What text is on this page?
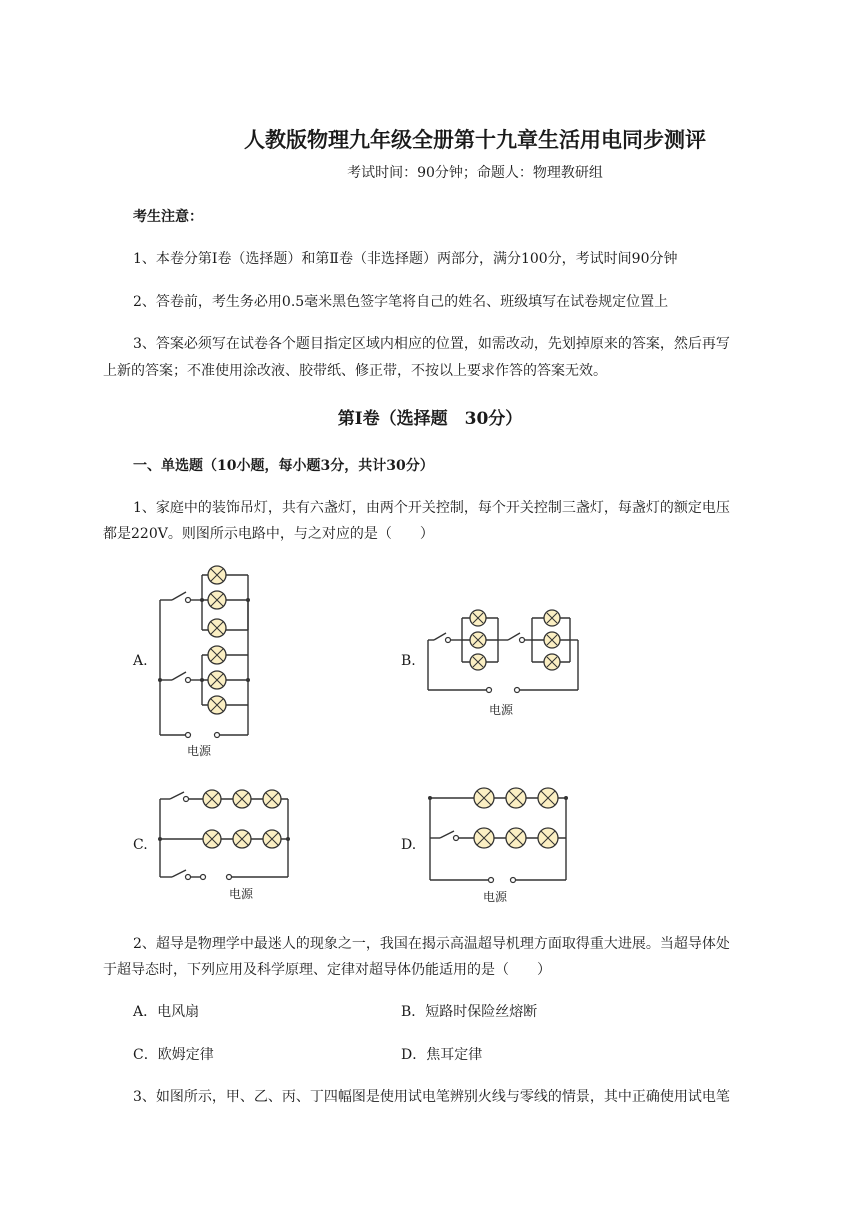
人教版物理九年级全册第十九章生活用电同步测评
考试时间：90分钟；命题人：物理教研组
考生注意：
1、本卷分第Ⅰ卷（选择题）和第Ⅱ卷（非选择题）两部分，满分100分，考试时间90分钟
2、答卷前，考生务必用0.5毫米黑色签字笔将自己的姓名、班级填写在试卷规定位置上
3、答案必须写在试卷各个题目指定区域内相应的位置，如需改动，先划掉原来的答案，然后再写
上新的答案；不准使用涂改液、胶带纸、修正带，不按以上要求作答的答案无效。
第Ⅰ卷（选择题　30分）
一、单选题（10小题，每小题3分，共计30分）
1、家庭中的装饰吊灯，共有六盏灯，由两个开关控制，每个开关控制三盏灯，每盏灯的额定电压
都是220V。则图所示电路中，与之对应的是（　　）
A.	B.
C.	D.
电源
电源
电源	电源
2、超导是物理学中最迷人的现象之一，我国在揭示高温超导机理方面取得重大进展。当超导体处
于超导态时，下列应用及科学原理、定律对超导体仍能适用的是（　　）
A．电风扇	B．短路时保险丝熔断
C．欧姆定律	D．焦耳定律
3、如图所示，甲、乙、丙、丁四幅图是使用试电笔辨别火线与零线的情景，其中正确使用试电笔
